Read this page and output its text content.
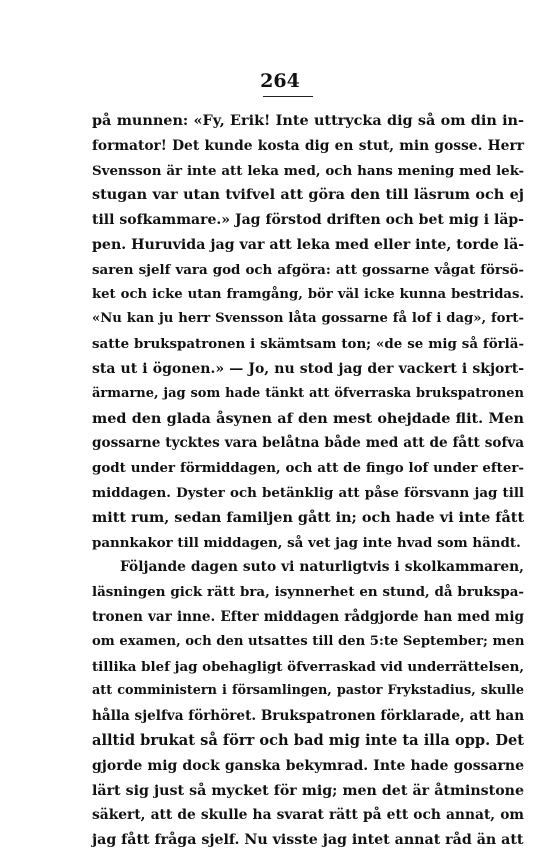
264
på munnen: «Fy, Erik! Inte uttrycka dig så om din in-
formator! Det kunde kosta dig en stut, min gosse. Herr
Svensson är inte att leka med, och hans mening med lek-
stugan var utan tvifvel att göra den till läsrum och ej
till sofkammare.» Jag förstod driften och bet mig i läp-
pen. Huruvida jag var att leka med eller inte, torde lä-
saren sjelf vara god och afgöra: att gossarne vågat försö-
ket och icke utan framgång, bör väl icke kunna bestridas.
«Nu kan ju herr Svensson låta gossarne få lof i dag», fort-
satte brukspatronen i skämtsam ton; «de se mig så förlä-
sta ut i ögonen.» — Jo, nu stod jag der vackert i skjort-
ärmarne, jag som hade tänkt att öfverraska brukspatronen
med den glada åsynen af den mest ohejdade flit. Men
gossarne tycktes vara belåtna både med att de fått sofva
godt under förmiddagen, och att de fingo lof under efter-
middagen. Dyster och betänklig att påse försvann jag till
mitt rum, sedan familjen gått in; och hade vi inte fått
pannkakor till middagen, så vet jag inte hvad som händt.
Följande dagen suto vi naturligtvis i skolkammaren,
läsningen gick rätt bra, isynnerhet en stund, då bruksра-
tronen var inne. Efter middagen rådgjorde han med mig
om examen, och den utsattes till den 5:te September; men
tillika blef jag obehagligt öfverraskad vid underrättelsen,
att comministern i församlingen, pastor Frykstadius, skulle
hålla sjelfva förhöret. Brukspatronen förklarade, att han
alltid brukat så förr och bad mig inte ta illa opp. Det
gjorde mig dock ganska bekymrad. Inte hade gossarne
lärt sig just så mycket för mig; men det är åtminstone
säkert, att de skulle ha svarat rätt på ett och annat, om
jag fått fråga sjelf. Nu visste jag intet annat råd än att
